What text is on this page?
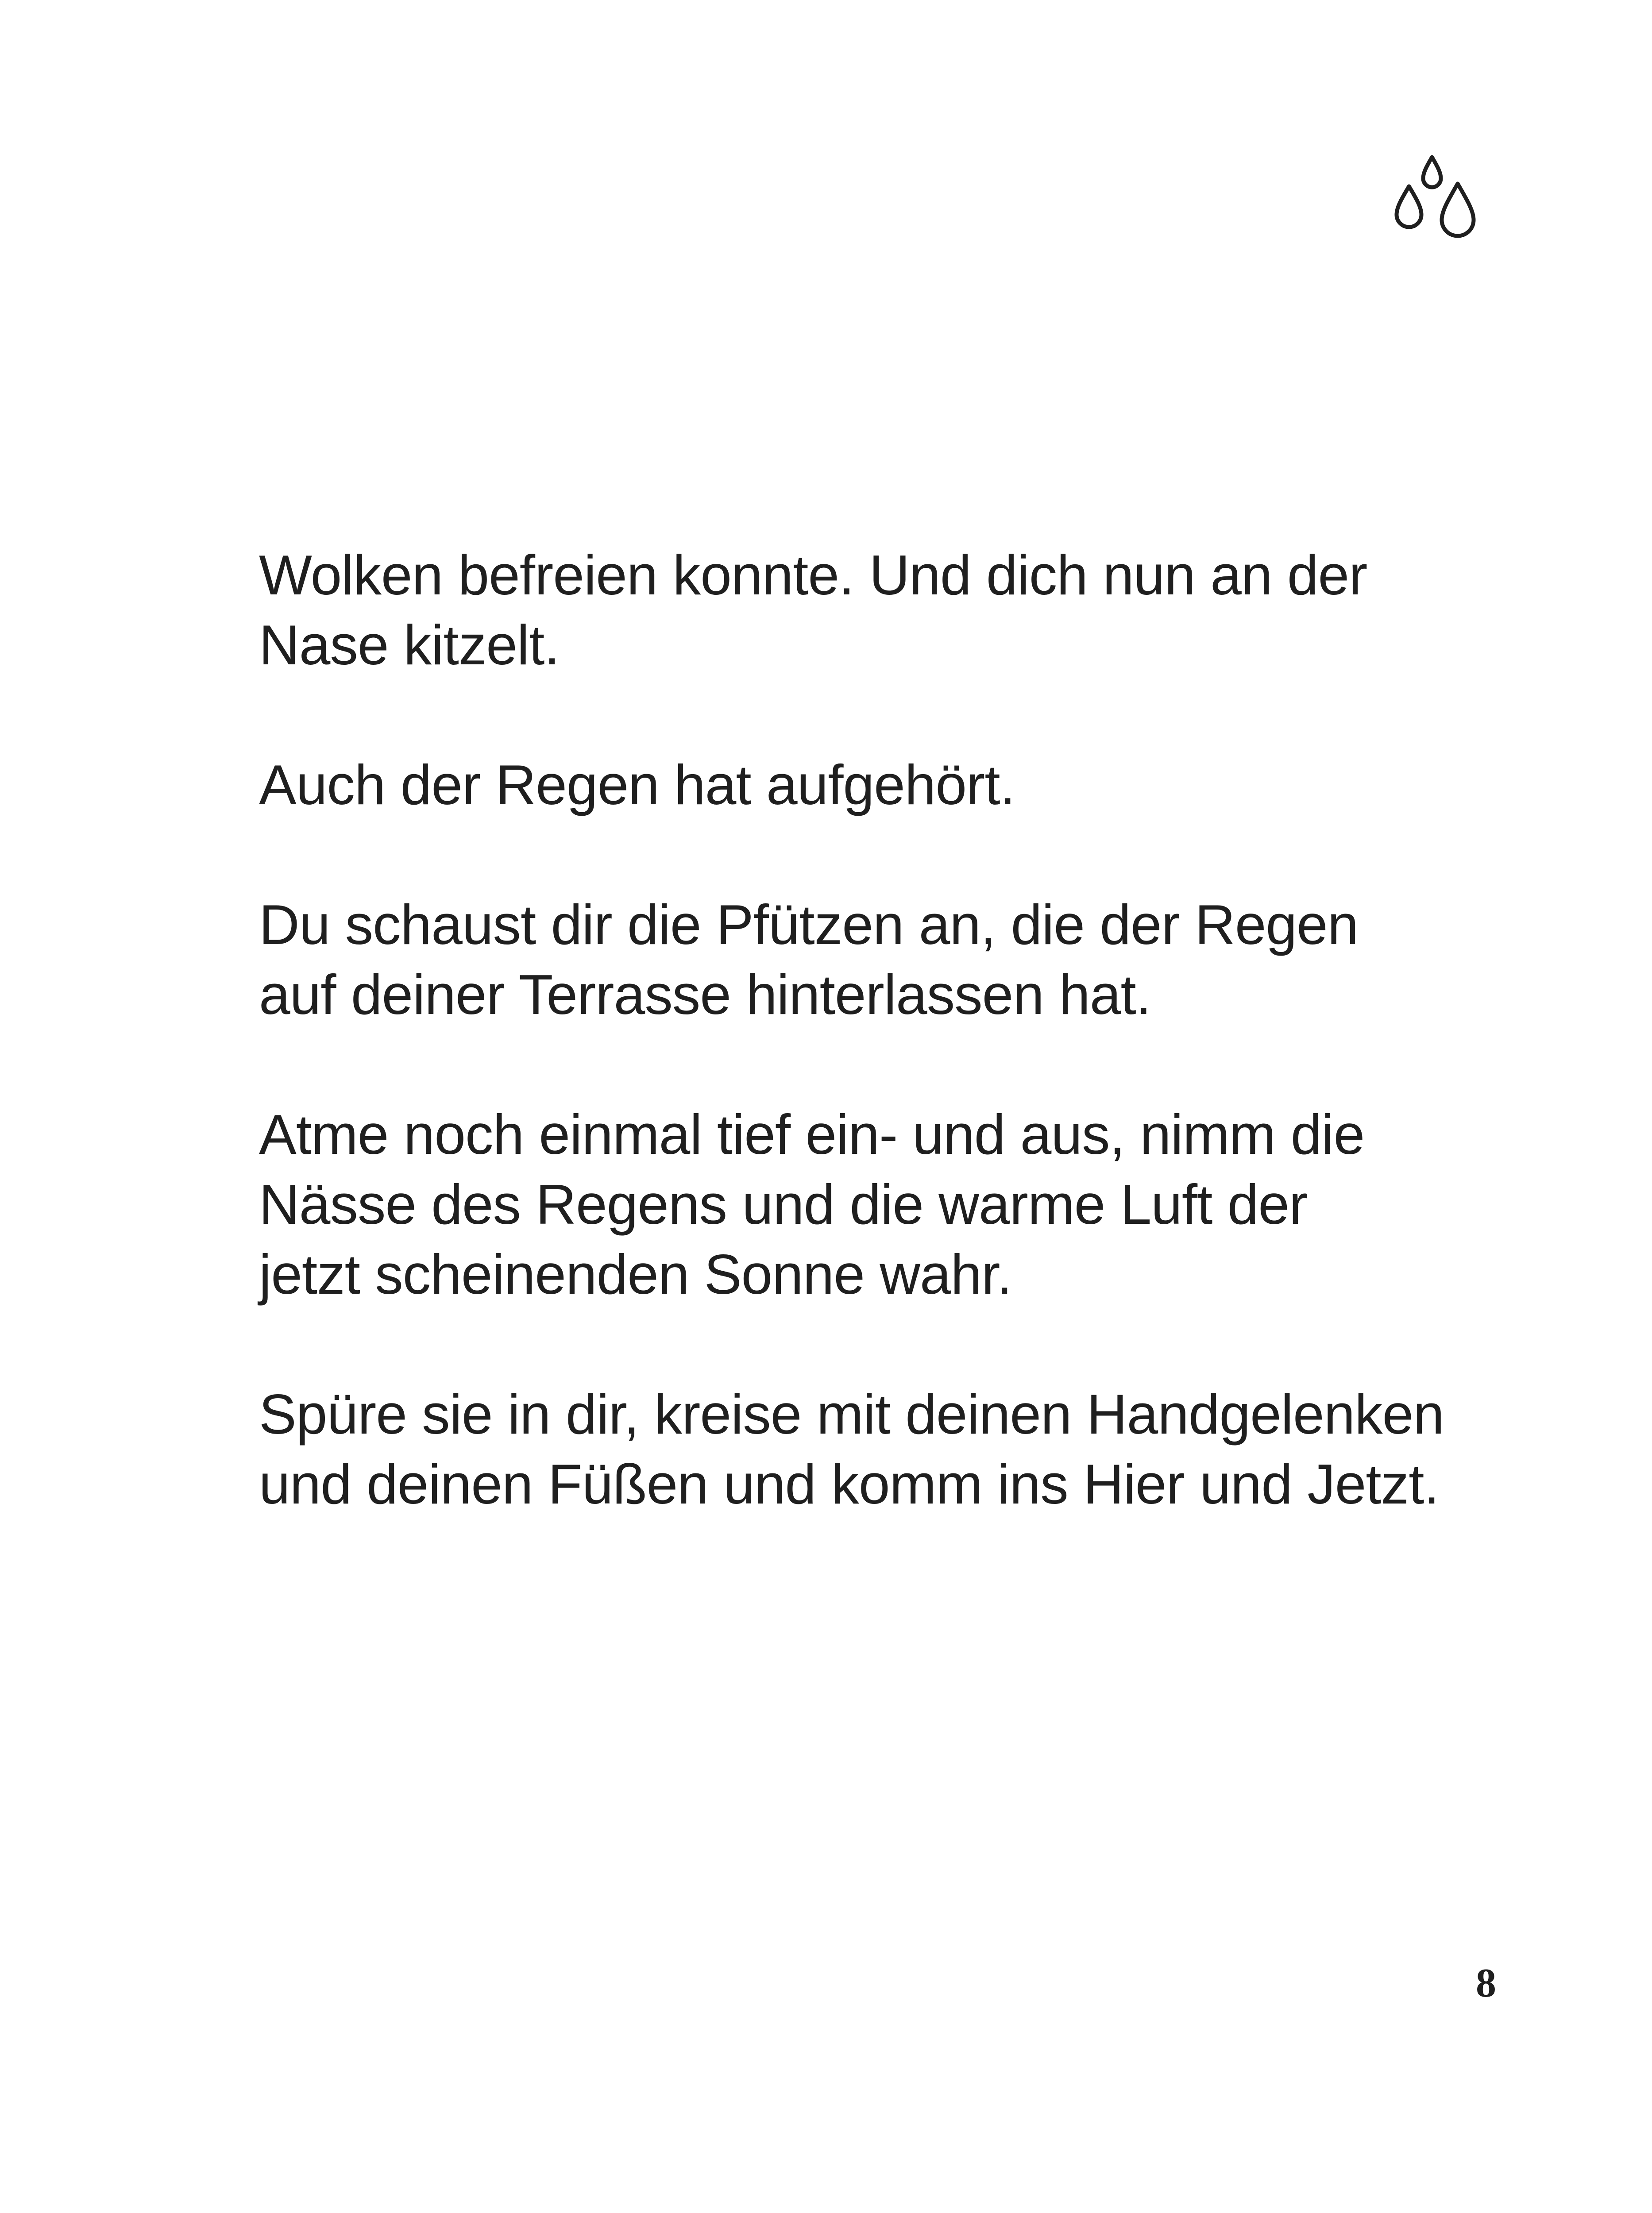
Wolken befreien konnte. Und dich nun an der
Nase kitzelt.

Auch der Regen hat aufgehört.

Du schaust dir die Pfützen an, die der Regen
auf deiner Terrasse hinterlassen hat.

Atme noch einmal tief ein- und aus, nimm die
Nässe des Regens und die warme Luft der
jetzt scheinenden Sonne wahr.

Spüre sie in dir, kreise mit deinen Handgelenken
und deinen Füßen und komm ins Hier und Jetzt.

8
